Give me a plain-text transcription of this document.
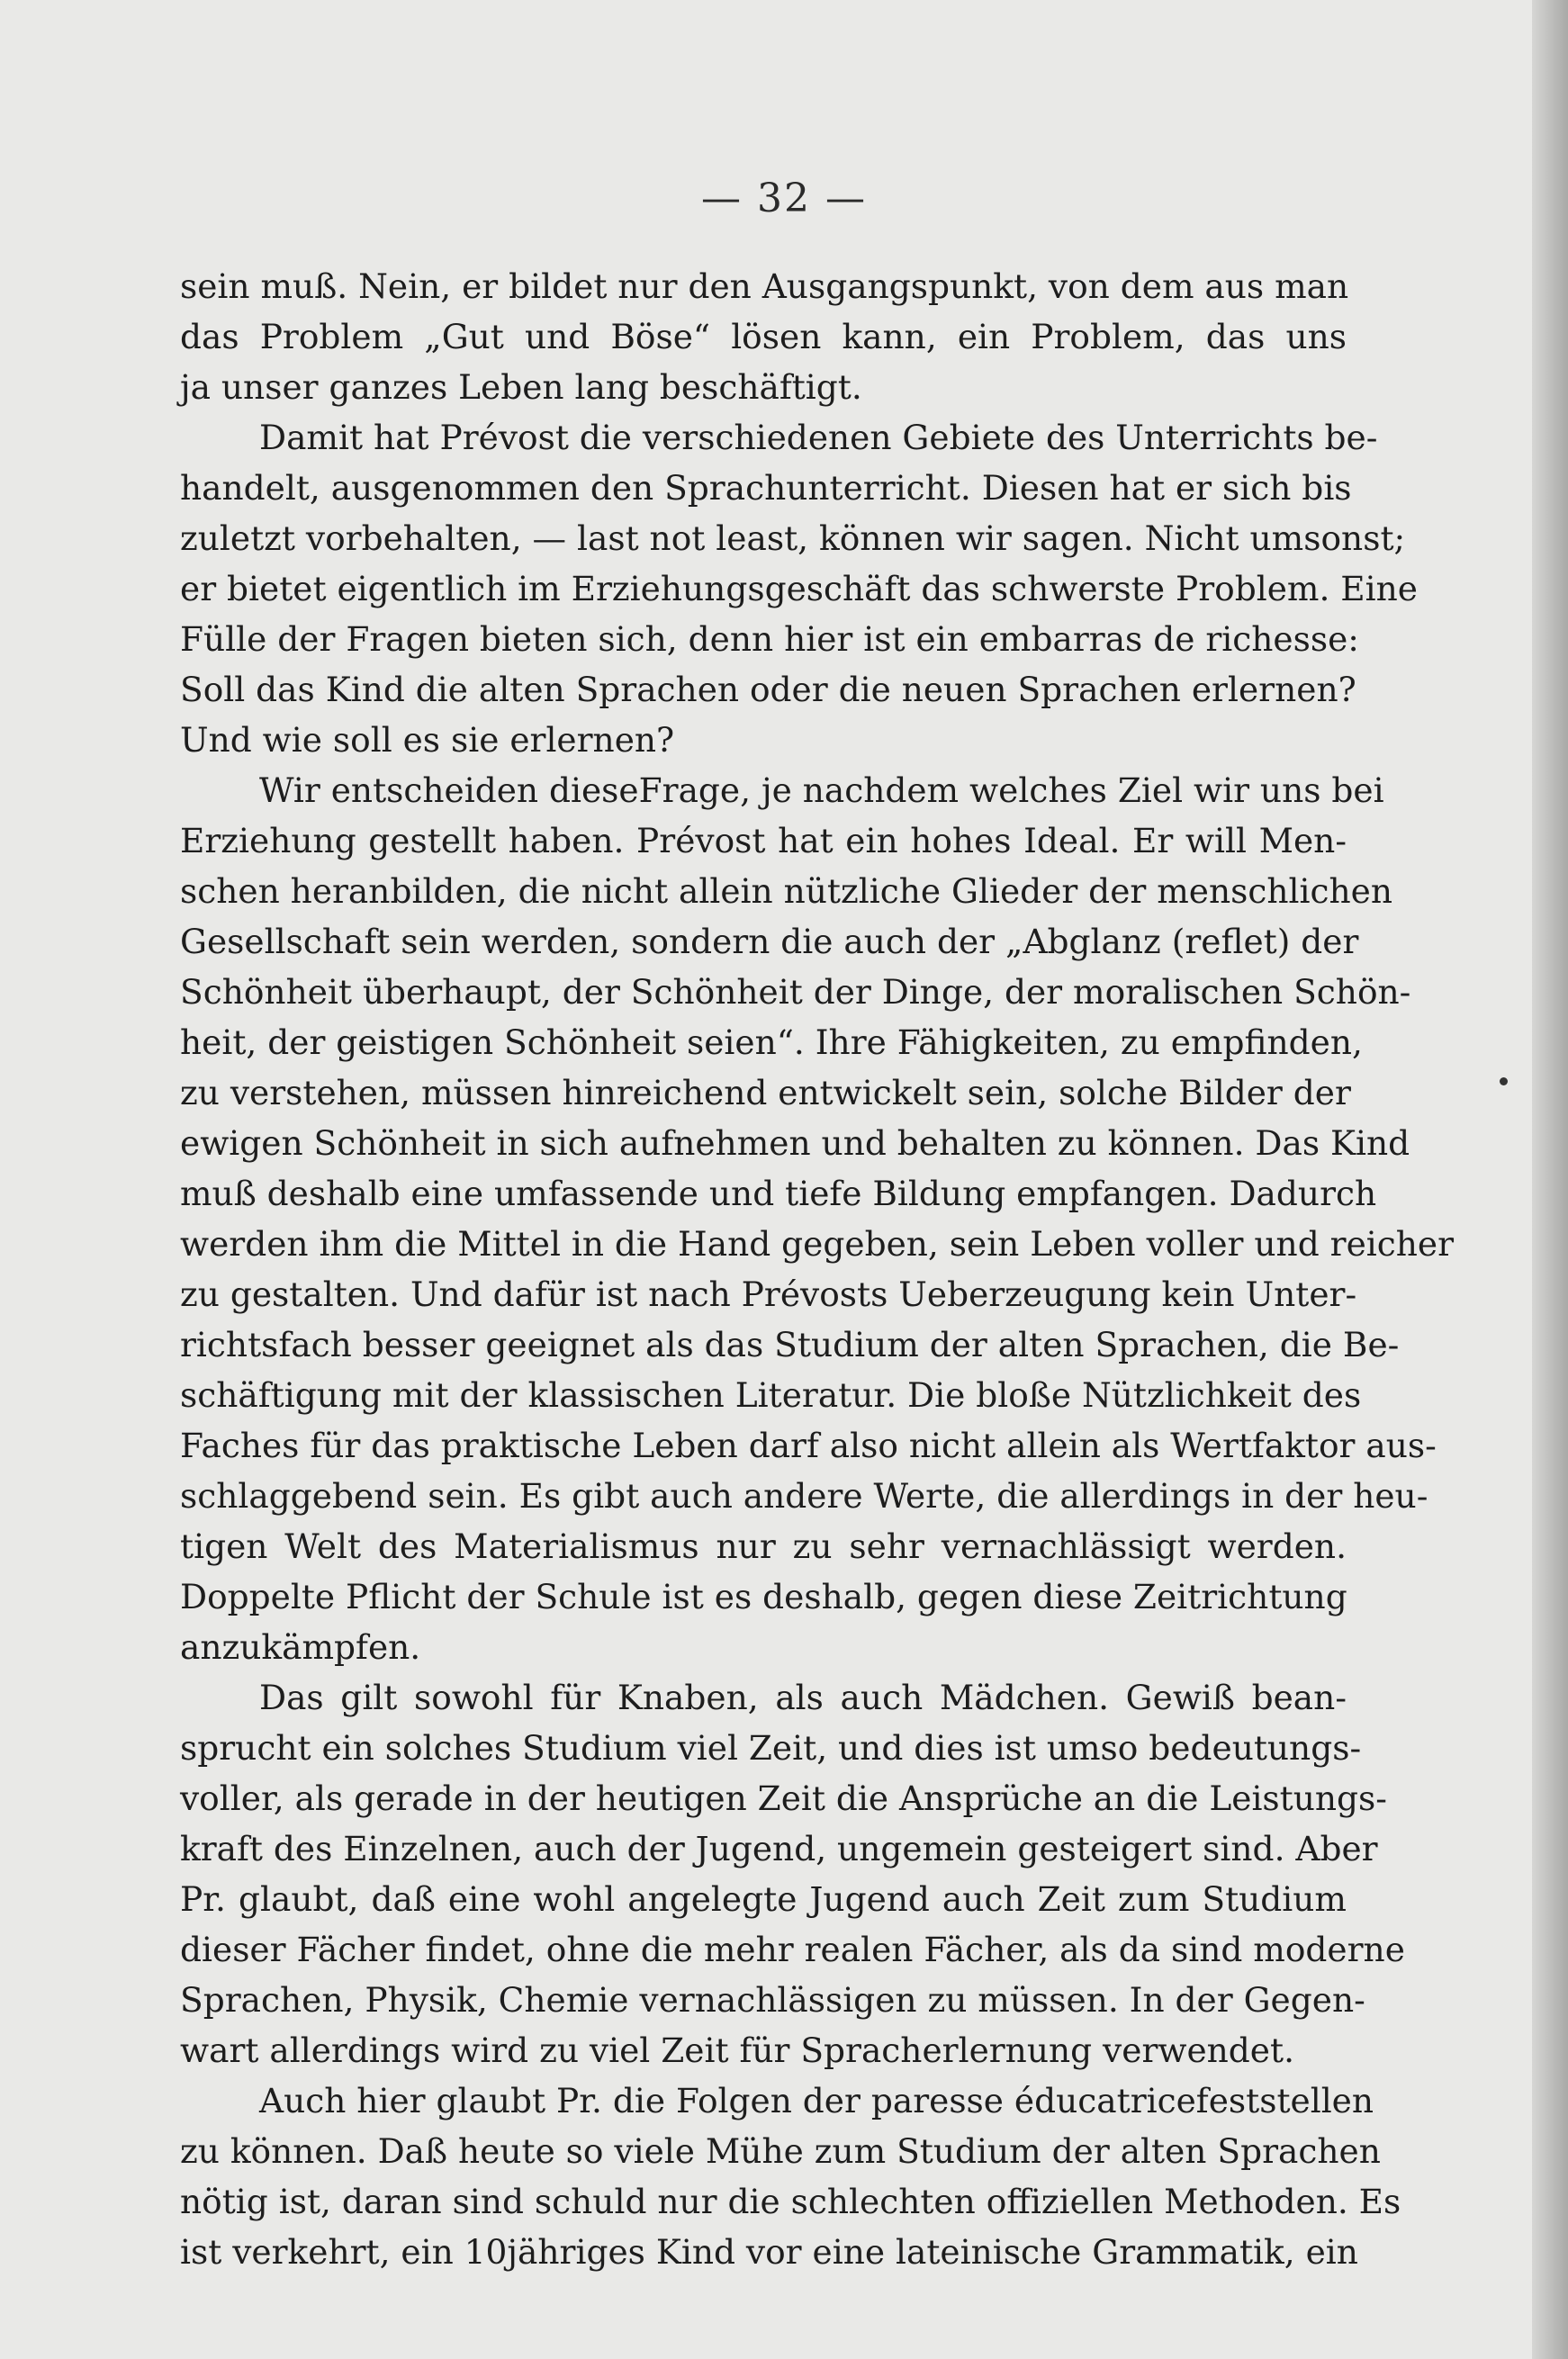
— 32 —
sein muß. Nein, er bildet nur den Ausgangspunkt, von dem aus man
das Problem „Gut und Böse“ lösen kann, ein Problem, das uns
ja unser ganzes Leben lang beschäftigt.
Damit hat Prévost die verschiedenen Gebiete des Unterrichts be-
handelt, ausgenommen den Sprachunterricht. Diesen hat er sich bis
zuletzt vorbehalten, — last not least, können wir sagen. Nicht umsonst;
er bietet eigentlich im Erziehungsgeschäft das schwerste Problem. Eine
Fülle der Fragen bieten sich, denn hier ist ein embarras de richesse:
Soll das Kind die alten Sprachen oder die neuen Sprachen erlernen?
Und wie soll es sie erlernen?
Wir entscheiden dieseFrage, je nachdem welches Ziel wir uns bei
Erziehung gestellt haben. Prévost hat ein hohes Ideal. Er will Men-
schen heranbilden, die nicht allein nützliche Glieder der menschlichen
Gesellschaft sein werden, sondern die auch der „Abglanz (reflet) der
Schönheit überhaupt, der Schönheit der Dinge, der moralischen Schön-
heit, der geistigen Schönheit seien“. Ihre Fähigkeiten, zu empfinden,
zu verstehen, müssen hinreichend entwickelt sein, solche Bilder der
ewigen Schönheit in sich aufnehmen und behalten zu können. Das Kind
muß deshalb eine umfassende und tiefe Bildung empfangen. Dadurch
werden ihm die Mittel in die Hand gegeben, sein Leben voller und reicher
zu gestalten. Und dafür ist nach Prévosts Ueberzeugung kein Unter-
richtsfach besser geeignet als das Studium der alten Sprachen, die Be-
schäftigung mit der klassischen Literatur. Die bloße Nützlichkeit des
Faches für das praktische Leben darf also nicht allein als Wertfaktor aus-
schlaggebend sein. Es gibt auch andere Werte, die allerdings in der heu-
tigen Welt des Materialismus nur zu sehr vernachlässigt werden.
Doppelte Pflicht der Schule ist es deshalb, gegen diese Zeitrichtung
anzukämpfen.
Das gilt sowohl für Knaben, als auch Mädchen. Gewiß bean-
sprucht ein solches Studium viel Zeit, und dies ist umso bedeutungs-
voller, als gerade in der heutigen Zeit die Ansprüche an die Leistungs-
kraft des Einzelnen, auch der Jugend, ungemein gesteigert sind. Aber
Pr. glaubt, daß eine wohl angelegte Jugend auch Zeit zum Studium
dieser Fächer findet, ohne die mehr realen Fächer, als da sind moderne
Sprachen, Physik, Chemie vernachlässigen zu müssen. In der Gegen-
wart allerdings wird zu viel Zeit für Spracherlernung verwendet.
Auch hier glaubt Pr. die Folgen der paresse éducatricefeststellen
zu können. Daß heute so viele Mühe zum Studium der alten Sprachen
nötig ist, daran sind schuld nur die schlechten offiziellen Methoden. Es
ist verkehrt, ein 10jähriges Kind vor eine lateinische Grammatik, ein
